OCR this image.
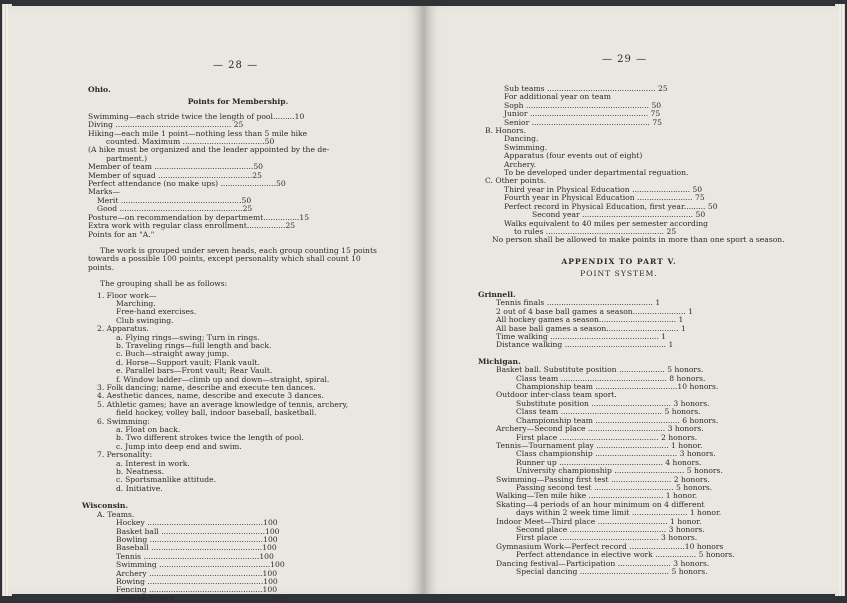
— 28 —
Ohio.
Points for Membership.
Swimming—each stride twice the length of pool.........10
Diving ................................................ 25
Hiking—each mile 1 point—nothing less than 5 mile hike
counted. Maximum ..................................50
(A hike must be organized and the leader appointed by the de-
partment.)
Member of team .........................................50
Member of squad .......................................25
Perfect attendance (no make ups) .......................50
Marks—
Merit ..................................................50
Good ...................................................25
Posture—on recommendation by departmemt...............15
Extra work with regular class enrollment................25
Points for an "A."
The work is grouped under seven heads, each group counting 15 points towards a possible 100 points, except personality which shall count 10 points.
The grouping shall be as follows:
1. Floor work—
Marching.
Free-hand exercises.
Club swinging.
2. Apparatus.
a. Flying rings—swing; Turn in rings.
b. Traveling rings—full length and back.
c. Buch—straight away jump.
d. Horse—Support vault; Flank vault.
e. Parallel bars—Front vault; Rear Vault.
f. Window ladder—climb up and down—straight, spiral.
3. Folk dancing; name, describe and execute ten dances.
4. Aesthetic dances, name, describe and execute 3 dances.
5. Athletic games; have an average knowledge of tennis, archery,
field hockey, volley ball, indoor baseball, basketball.
6. Swimming:
a. Float on back.
b. Two different strokes twice the length of pool.
c. Jump into deep end and swim.
7. Personality:
a. Interest in work.
b. Neatness.
c. Sportsmanlike attitude.
d. Initiative.
Wisconsin.
A. Teams.
Hockey ................................................100
Basket ball ...........................................100
Bowling ...............................................100
Baseball ..............................................100
Tennis ................................................100
Swimming ..............................................100
Archery ...............................................100
Rowing ................................................100
Fencing ...............................................100
Field and track .......................................100
— 29 —
Sub teams ............................................. 25
For additional year on team
Soph ................................................... 50
Junior ................................................. 75
Senior ................................................. 75
B. Honors.
Dancing.
Swimming.
Apparatus (four events out of eight)
Archery.
To be developed under departmental reguation.
C. Other points.
Third year in Physical Education ........................ 50
Fourth year in Physical Education ....................... 75
Perfect record in Physical Education, first year......... 50
Second year .............................................. 50
Walks equivalent to 40 miles per semester according
to rules ................................................. 25
No person shall be allowed to make points in more than one sport a season.
APPENDIX TO PART V.
POINT SYSTEM.
Grinnell.
Tennis finals ............................................ 1
2 out of 4 base ball games a season...................... 1
All hockey games a season................................ 1
All base ball games a season.............................. 1
Time walking ............................................. 1
Distance walking .......................................... 1
Michigan.
Basket ball. Substitute position ................... 5 honors.
Class team ............................................ 8 honors.
Championship team ..................................10 honors.
Outdoor inter-class team sport.
Substitute position ................................. 3 honors.
Class team .......................................... 5 honors.
Championship team ................................... 6 honors.
Archery—Second place ................................ 3 honors.
First place ......................................... 2 honors.
Tennis—Tournament play .............................. 1 honor.
Class championship .................................. 3 honors.
Runner up ........................................... 4 honors.
University championship ............................. 5 honors.
Swimming—Passing first test ......................... 2 honors.
Passing second test ................................. 5 honors.
Walking—Ten mile hike ............................... 1 honor.
Skating—4 periods of an hour minimum on 4 different
days within 2 week time limit ....................... 1 honor.
Indoor Meet—Third place ............................. 1 honor.
Second place ........................................ 3 honors.
First place ......................................... 3 honors.
Gymnasium Work—Perfect record .......................10 honors
Perfect attendance in elective work ................. 5 honors.
Dancing festival—Participation ...................... 3 honors.
Special dancing ..................................... 5 honors.
